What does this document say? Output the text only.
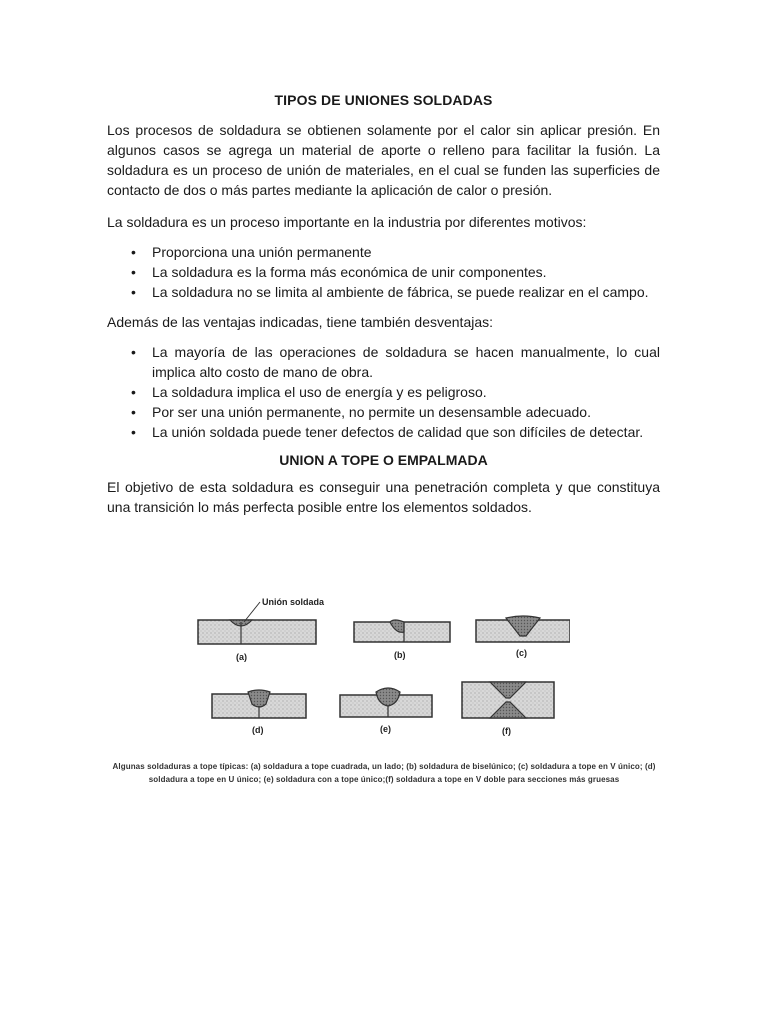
TIPOS DE UNIONES SOLDADAS

Los procesos de soldadura se obtienen solamente por el calor sin aplicar presión. En algunos casos se agrega un material de aporte o relleno para facilitar la fusión. La soldadura es un proceso de unión de materiales, en el cual se funden las superficies de contacto de dos o más partes mediante la aplicación de calor o presión.

La soldadura es un proceso importante en la industria por diferentes motivos:

• Proporciona una unión permanente
• La soldadura es la forma más económica de unir componentes.
• La soldadura no se limita al ambiente de fábrica, se puede realizar en el campo.

Además de las ventajas indicadas, tiene también desventajas:

• La mayoría de las operaciones de soldadura se hacen manualmente, lo cual implica alto costo de mano de obra.
• La soldadura implica el uso de energía y es peligroso.
• Por ser una unión permanente, no permite un desensamble adecuado.
• La unión soldada puede tener defectos de calidad que son difíciles de detectar.
UNION A TOPE O EMPALMADA

El objetivo de esta soldadura es conseguir una penetración completa y que constituya una transición lo más perfecta posible entre los elementos soldados.

Unión soldada
(a)	(b)	(c)
(d)	(e)	(f)
Algunas soldaduras a tope típicas: (a) soldadura a tope cuadrada, un lado; (b) soldadura de biselúnico; (c) soldadura a tope en V único; (d) soldadura a tope en U único; (e) soldadura con a tope único;(f) soldadura a tope en V doble para secciones más gruesas
